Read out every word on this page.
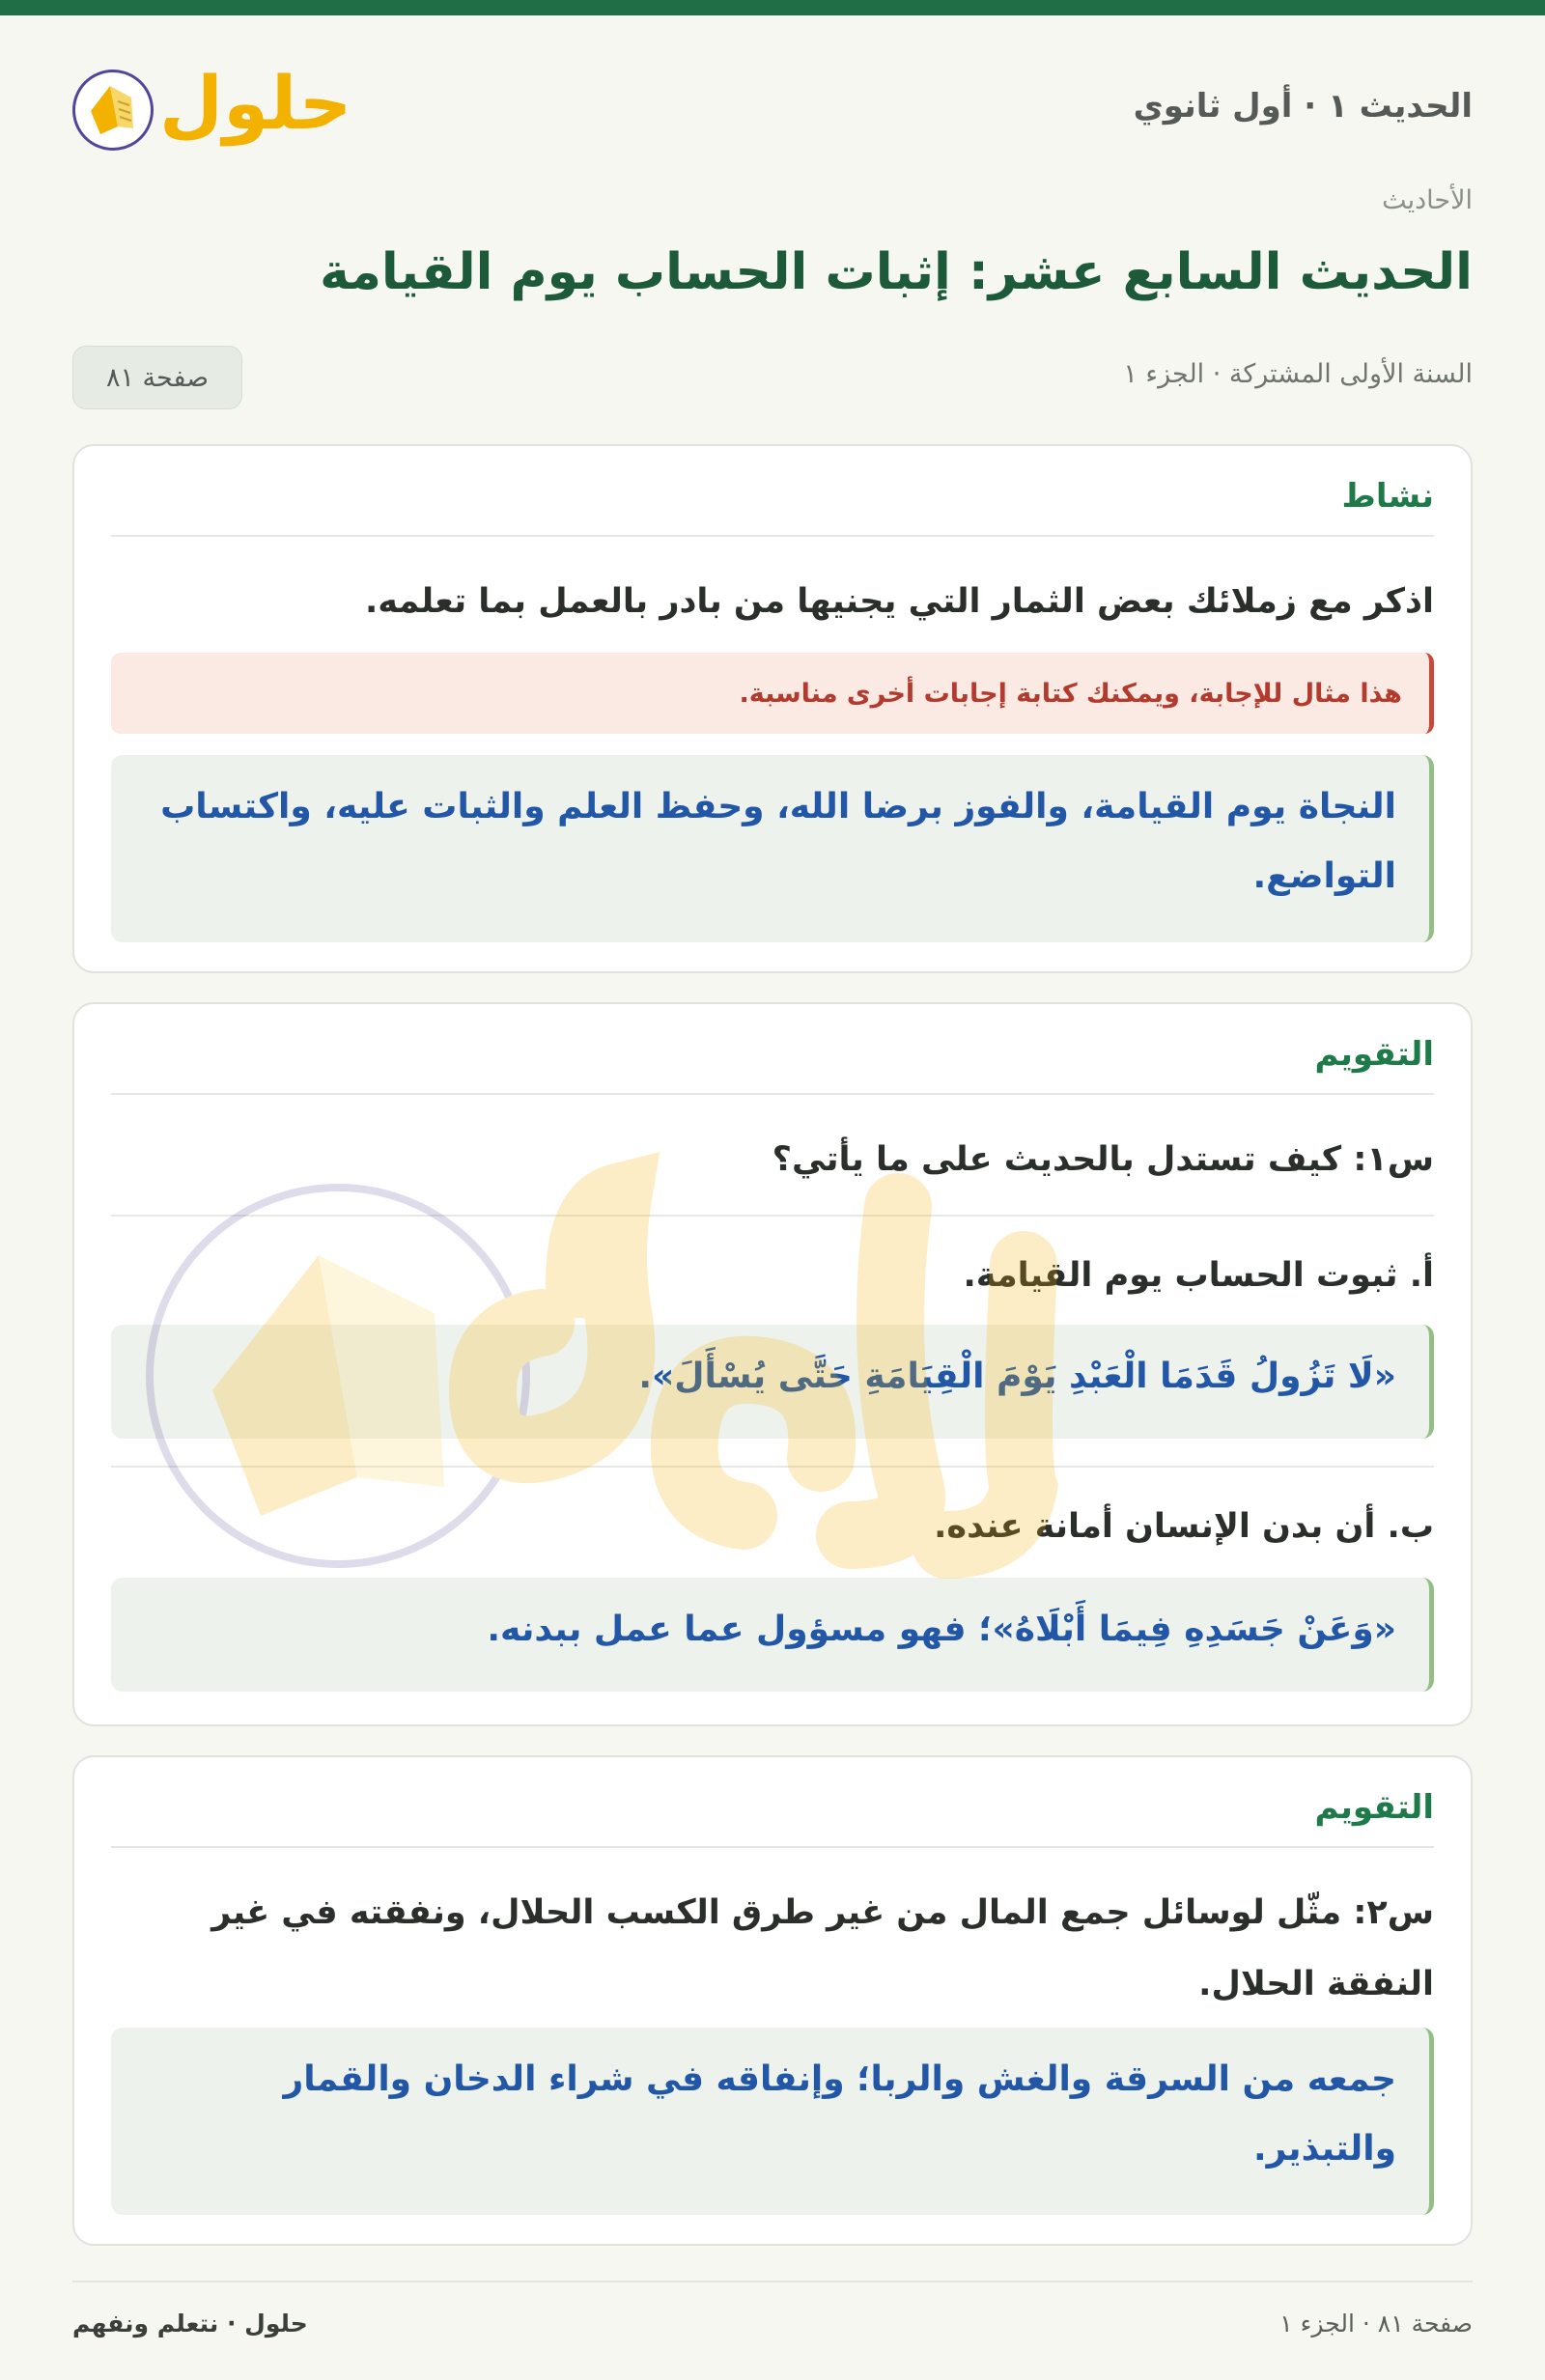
الحديث ١ · أول ثانوي
حلول
الأحاديث
الحديث السابع عشر: إثبات الحساب يوم القيامة
السنة الأولى المشتركة · الجزء ١
صفحة ٨١
نشاط
اذكر مع زملائك بعض الثمار التي يجنيها من بادر بالعمل بما تعلمه.
هذا مثال للإجابة، ويمكنك كتابة إجابات أخرى مناسبة.
النجاة يوم القيامة، والفوز برضا الله، وحفظ العلم والثبات عليه، واكتساب التواضع.
التقويم
س١: كيف تستدل بالحديث على ما يأتي؟
أ. ثبوت الحساب يوم القيامة.
«لَا تَزُولُ قَدَمَا الْعَبْدِ يَوْمَ الْقِيَامَةِ حَتَّى يُسْأَلَ».
ب. أن بدن الإنسان أمانة عنده.
«وَعَنْ جَسَدِهِ فِيمَا أَبْلَاهُ»؛ فهو مسؤول عما عمل ببدنه.
التقويم
س٢: مثّل لوسائل جمع المال من غير طرق الكسب الحلال، ونفقته في غير النفقة الحلال.
جمعه من السرقة والغش والربا؛ وإنفاقه في شراء الدخان والقمار والتبذير.
صفحة ٨١ · الجزء ١
حلول · نتعلم ونفهم
